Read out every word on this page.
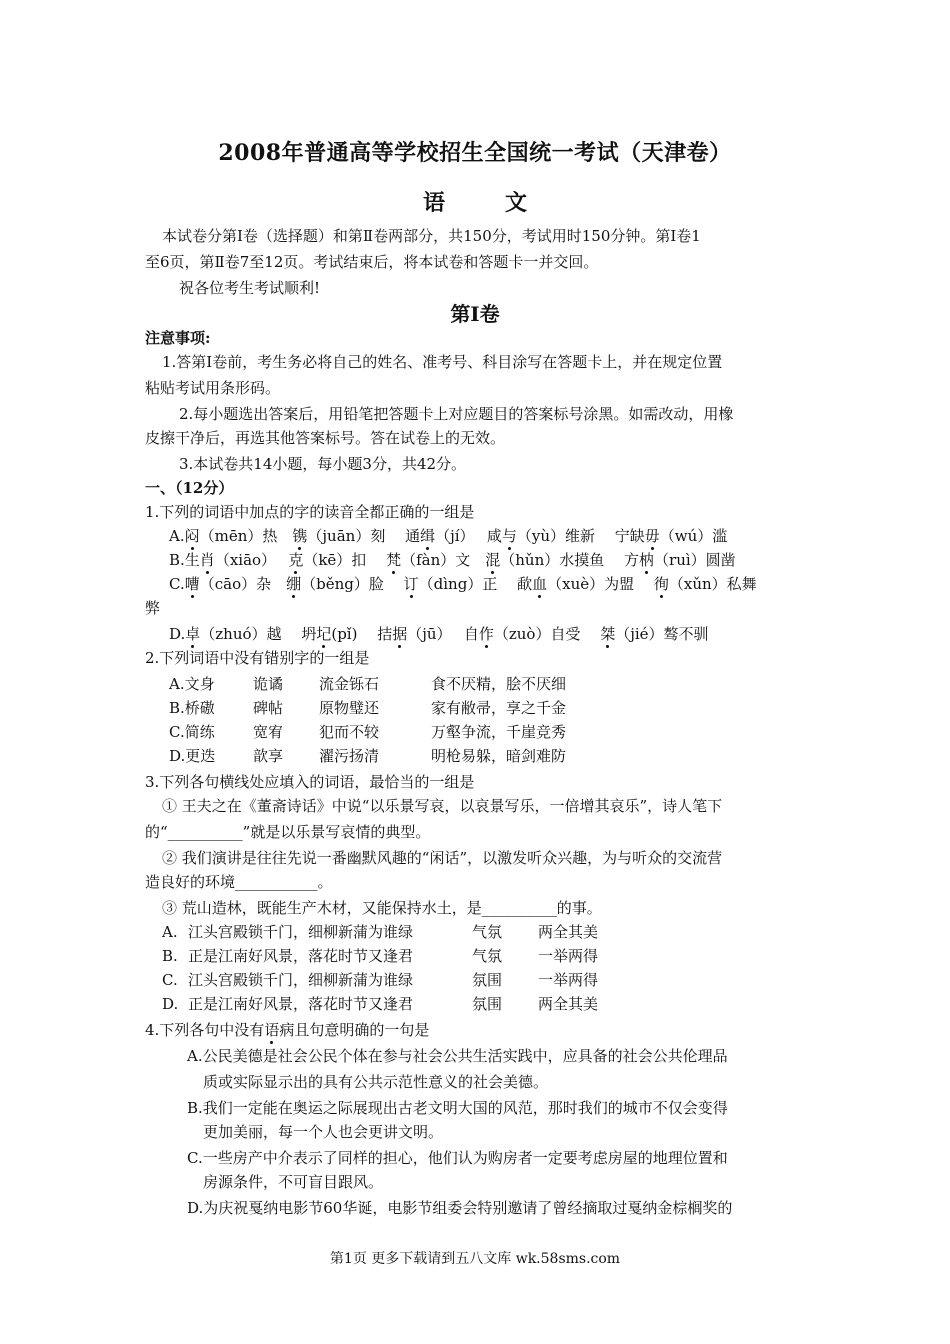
2008年普通高等学校招生全国统一考试（天津卷）
语文
本试卷分第Ⅰ卷（选择题）和第Ⅱ卷两部分，共150分，考试用时150分钟。第Ⅰ卷1
至6页，第Ⅱ卷7至12页。考试结束后，将本试卷和答题卡一并交回。
祝各位考生考试顺利!
第Ⅰ卷
注意事项:
1.答第Ⅰ卷前，考生务必将自己的姓名、准考号、科目涂写在答题卡上，并在规定位置
粘贴考试用条形码。
2.每小题选出答案后，用铅笔把答题卡上对应题目的答案标号涂黑。如需改动，用橡
皮擦干净后，再选其他答案标号。答在试卷上的无效。
3.本试卷共14小题，每小题3分，共42分。
一、（12分）
1.下列的词语中加点的字的读音全都正确的一组是
A.闷（mēn）热　镌（juān）刻　 通缉（jí）　 咸与（yù）维新　 宁缺毋（wú）滥
B.生肖（xiāo）　 克（kē）扣　 梵（fàn）文　混（hǔn）水摸鱼　 方枘（ruì）圆凿
C.嘈（cāo）杂　绷（běng）脸　 订（dìng）正　 歃血（xuè）为盟　 徇（xǔn）私舞
弊
D.卓（zhuó）越　 坍圮(pǐ)　 拮据（jū）　 自作（zuò）自受　 桀（jié）骜不驯
2.下列词语中没有错别字的一组是
A.文身	诡谲 流金铄石	食不厌精，脍不厌细
B.桥磝	碑帖 原物璧还	家有敝帚，享之千金
C.简练	宽宥 犯而不较	万壑争流，千崖竞秀
D.更迭	歆享 濯污扬清	明枪易躲，暗剑难防
3.下列各句横线处应填入的词语，最恰当的一组是
① 王夫之在《董斋诗话》中说“以乐景写哀，以哀景写乐，一倍增其哀乐”，诗人笔下
的“__________”就是以乐景写哀情的典型。
② 我们演讲是往往先说一番幽默风趣的“闲话”，以激发听众兴趣，为与听众的交流营
造良好的环境___________。
③ 荒山造林，既能生产木材，又能保持水土，是__________的事。
A. 江头宫殿锁千门，细柳新蒲为谁绿	气氛 两全其美
B. 正是江南好风景，落花时节又逢君	气氛 一举两得
C. 江头宫殿锁千门，细柳新蒲为谁绿	氛围 一举两得
D. 正是江南好风景，落花时节又逢君	氛围 两全其美
4.下列各句中没有语病且句意明确的一句是
A.公民美德是社会公民个体在参与社会公共生活实践中，应具备的社会公共伦理品
质或实际显示出的具有公共示范性意义的社会美德。
B.我们一定能在奥运之际展现出古老文明大国的风范，那时我们的城市不仅会变得
更加美丽，每一个人也会更讲文明。
C.一些房产中介表示了同样的担心，他们认为购房者一定要考虑房屋的地理位置和
房源条件，不可盲目跟风。
D.为庆祝戛纳电影节60华诞，电影节组委会特别邀请了曾经摘取过戛纳金棕榈奖的
第1页 更多下载请到五八文库 wk.58sms.com
